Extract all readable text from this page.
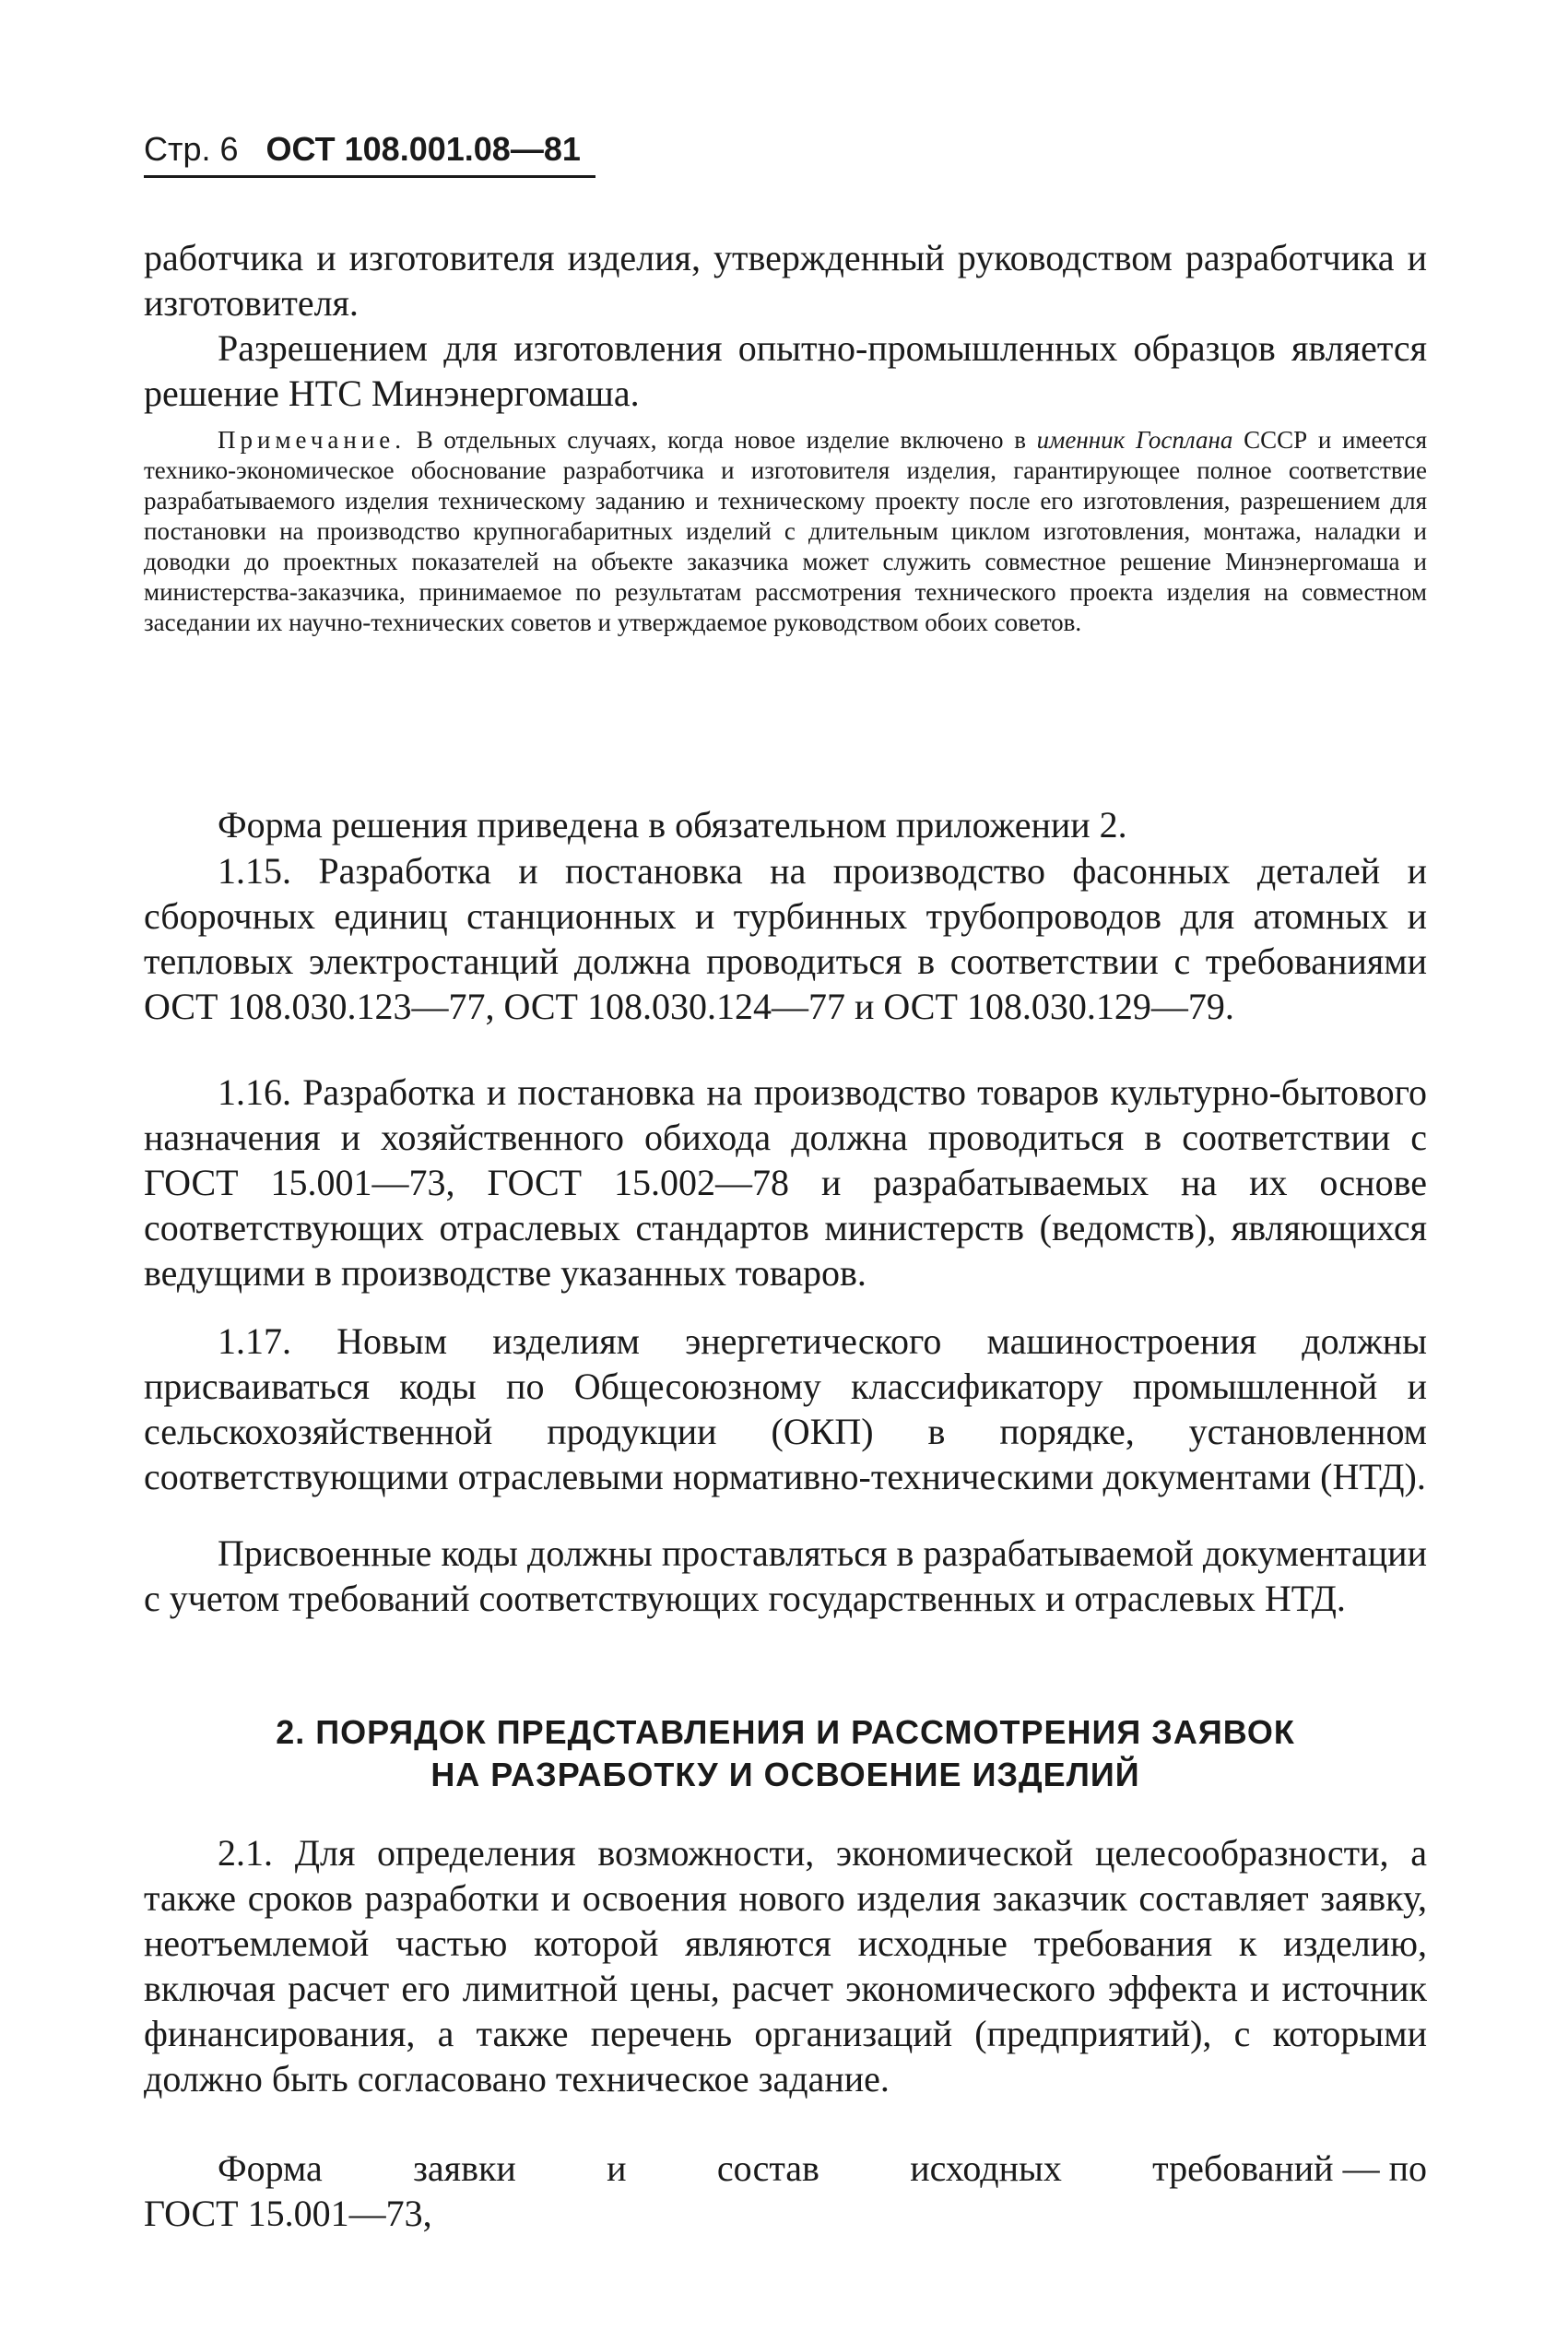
Стр. 6 ОСТ 108.001.08—81

работчика и изготовителя изделия, утвержденный руководством разработчика и изготовителя.

Разрешением для изготовления опытно-промышленных образцов является решение НТС Минэнергомаша.

Примечание. В отдельных случаях, когда новое изделие включено в именник Госплана СССР и имеется технико-экономическое обоснование разработчика и изготовителя изделия, гарантирующее полное соответствие разрабатываемого изделия техническому заданию и техническому проекту после его изготовления, разрешением для постановки на производство крупногабаритных изделий с длительным циклом изготовления, монтажа, наладки и доводки до проектных показателей на объекте заказчика может служить совместное решение Минэнергомаша и министерства-заказчика, принимаемое по результатам рассмотрения технического проекта изделия на совместном заседании их научно-технических советов и утверждаемое руководством обоих советов.

Форма решения приведена в обязательном приложении 2.

1.15. Разработка и постановка на производство фасонных деталей и сборочных единиц станционных и турбинных трубопроводов для атомных и тепловых электростанций должна проводиться в соответствии с требованиями ОСТ 108.030.123—77, ОСТ 108.030.124—77 и ОСТ 108.030.129—79.

1.16. Разработка и постановка на производство товаров культурно-бытового назначения и хозяйственного обихода должна проводиться в соответствии с ГОСТ 15.001—73, ГОСТ 15.002—78 и разрабатываемых на их основе соответствующих отраслевых стандартов министерств (ведомств), являющихся ведущими в производстве указанных товаров.

1.17. Новым изделиям энергетического машиностроения должны присваиваться коды по Общесоюзному классификатору промышленной и сельскохозяйственной продукции (ОКП) в порядке, установленном соответствующими отраслевыми нормативно-техническими документами (НТД).

Присвоенные коды должны проставляться в разрабатываемой документации с учетом требований соответствующих государственных и отраслевых НТД.

2. ПОРЯДОК ПРЕДСТАВЛЕНИЯ И РАССМОТРЕНИЯ ЗАЯВОК

НА РАЗРАБОТКУ И ОСВОЕНИЕ ИЗДЕЛИЙ

2.1. Для определения возможности, экономической целесообразности, а также сроков разработки и освоения нового изделия заказчик составляет заявку, неотъемлемой частью которой являются исходные требования к изделию, включая расчет его лимитной цены, расчет экономического эффекта и источник финансирования, а также перечень организаций (предприятий), с которыми должно быть согласовано техническое задание.

Форма заявки и состав исходных требований — по

ГОСТ 15.001—73,
